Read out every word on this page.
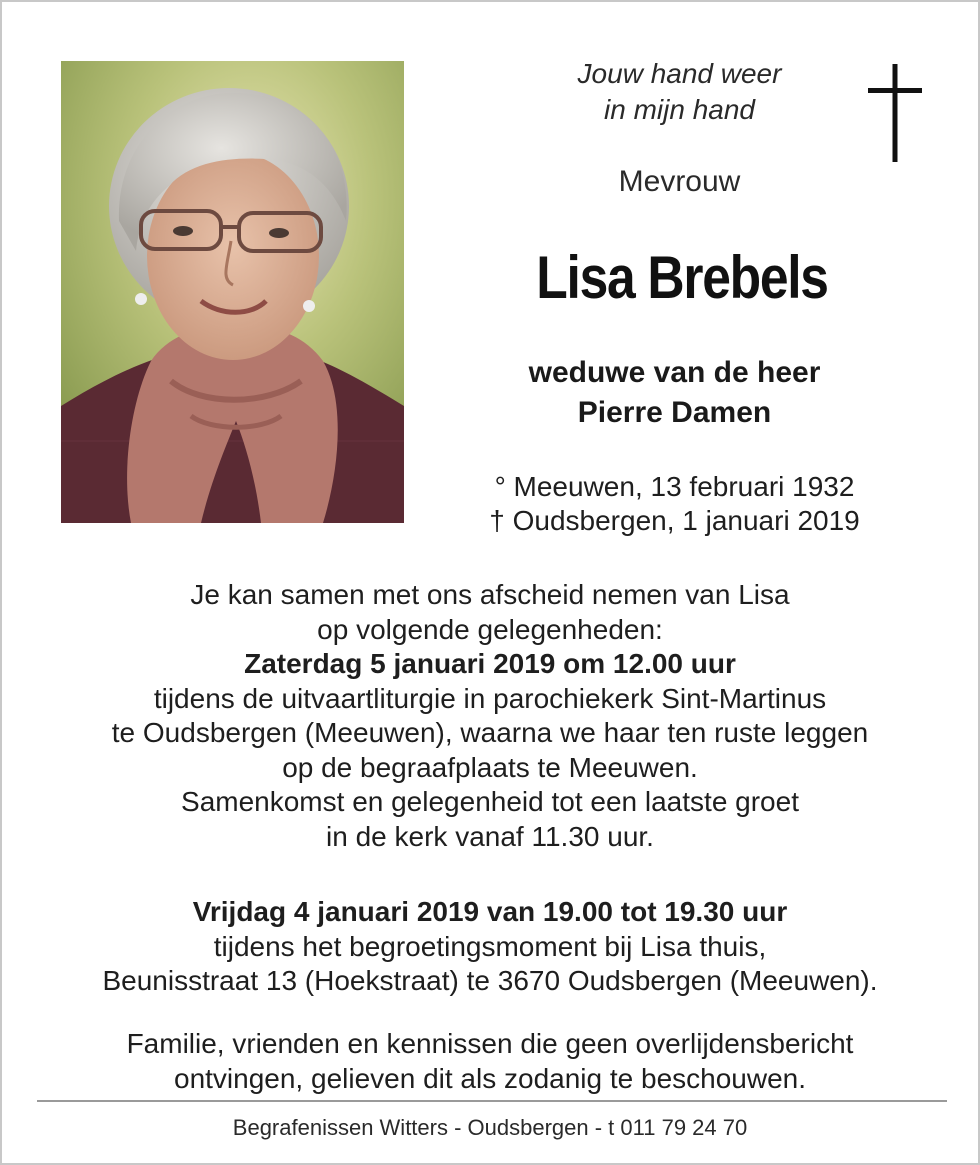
Jouw hand weer
in mijn hand

Mevrouw

Lisa Brebels

weduwe van de heer
Pierre Damen

° Meeuwen, 13 februari 1932
† Oudsbergen, 1 januari 2019

Je kan samen met ons afscheid nemen van Lisa
op volgende gelegenheden:
Zaterdag 5 januari 2019 om 12.00 uur
tijdens de uitvaartliturgie in parochiekerk Sint-Martinus
te Oudsbergen (Meeuwen), waarna we haar ten ruste leggen
op de begraafplaats te Meeuwen.
Samenkomst en gelegenheid tot een laatste groet
in de kerk vanaf 11.30 uur.

Vrijdag 4 januari 2019 van 19.00 tot 19.30 uur
tijdens het begroetingsmoment bij Lisa thuis,
Beunisstraat 13 (Hoekstraat) te 3670 Oudsbergen (Meeuwen).

Familie, vrienden en kennissen die geen overlijdensbericht
ontvingen, gelieven dit als zodanig te beschouwen.

Begrafenissen Witters - Oudsbergen - t 011 79 24 70
